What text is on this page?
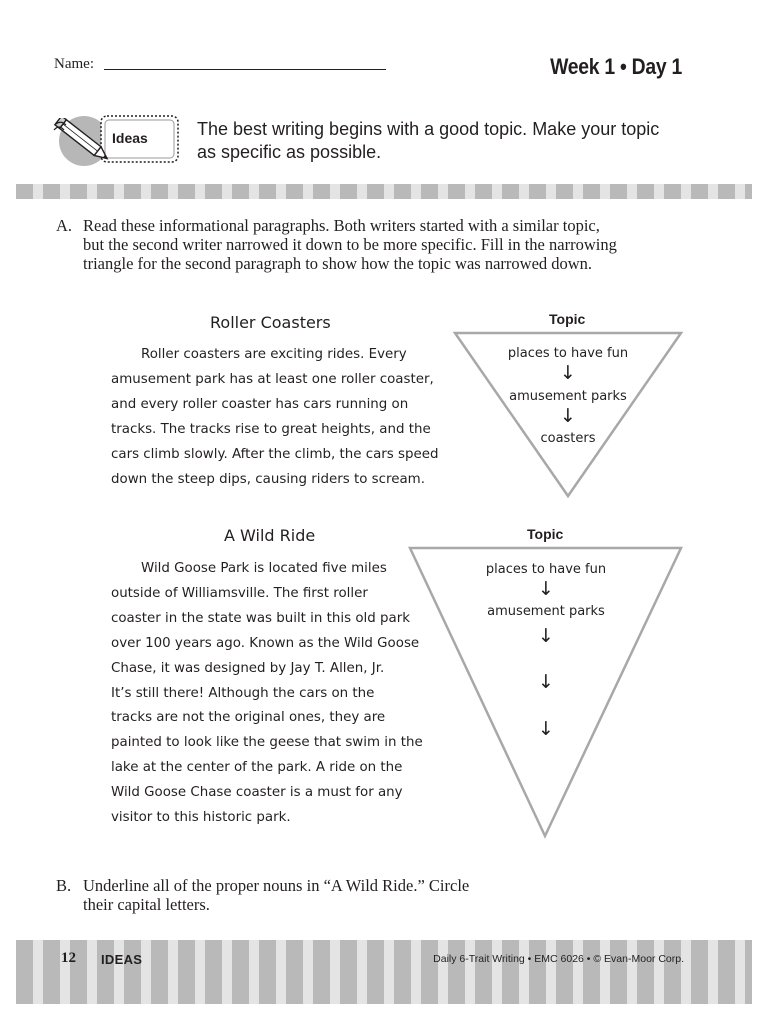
Name:	Week 1 • Day 1
Ideas	The best writing begins with a good topic. Make your topic as specific as possible.
A. Read these informational paragraphs. Both writers started with a similar topic, but the second writer narrowed it down to be more specific. Fill in the narrowing triangle for the second paragraph to show how the topic was narrowed down.
Roller Coasters
Roller coasters are exciting rides. Every
amusement park has at least one roller coaster,
and every roller coaster has cars running on
tracks. The tracks rise to great heights, and the
cars climb slowly. After the climb, the cars speed
down the steep dips, causing riders to scream.
Topic
places to have fun
↓
amusement parks
↓
coasters
A Wild Ride
Wild Goose Park is located five miles
outside of Williamsville. The first roller
coaster in the state was built in this old park
over 100 years ago. Known as the Wild Goose
Chase, it was designed by Jay T. Allen, Jr.
It’s still there! Although the cars on the
tracks are not the original ones, they are
painted to look like the geese that swim in the
lake at the center of the park. A ride on the
Wild Goose Chase coaster is a must for any
visitor to this historic park.
Topic
places to have fun
↓
amusement parks
↓
↓
↓
B. Underline all of the proper nouns in “A Wild Ride.” Circle their capital letters.
12 IDEAS	Daily 6-Trait Writing • EMC 6026 • © Evan-Moor Corp.
